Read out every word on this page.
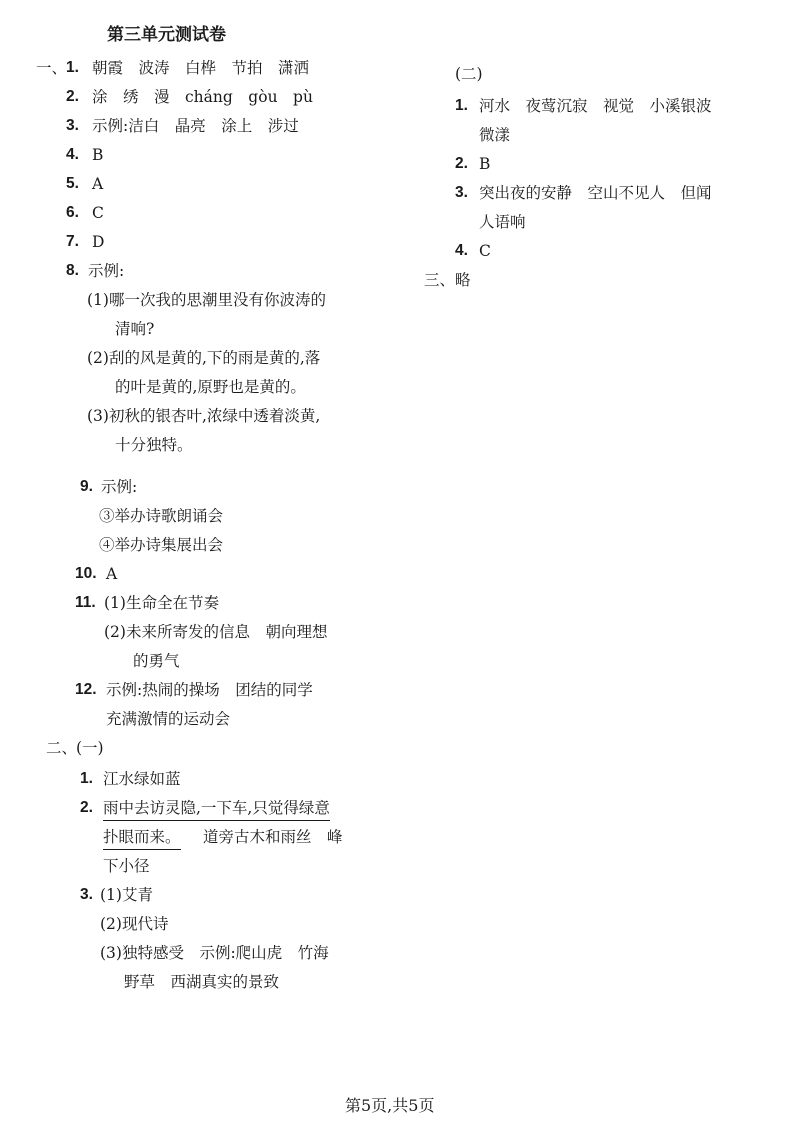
第三单元测试卷
一、
1. 朝霞　波涛　白桦　节拍　潇洒
2. 涂　绣　漫　cháng　gòu　pù
3. 示例:洁白　晶亮　涂上　涉过
4. B
5. A
6. C
7. D
8. 示例:
(1)哪一次我的思潮里没有你波涛的
清响?
(2)刮的风是黄的,下的雨是黄的,落
的叶是黄的,原野也是黄的。
(3)初秋的银杏叶,浓绿中透着淡黄,
十分独特。
9. 示例:
③举办诗歌朗诵会
④举办诗集展出会
10. A
11. (1)生命全在节奏
(2)未来所寄发的信息　朝向理想
的勇气
12. 示例:热闹的操场　团结的同学
充满激情的运动会
二、
(一)
1. 江水绿如蓝
2. 雨中去访灵隐,一下车,只觉得绿意
扑眼而来。 道旁古木和雨丝　峰
下小径
3. (1)艾青
(2)现代诗
(3)独特感受　示例:爬山虎　竹海
野草　西湖真实的景致
(二)
1. 河水　夜莺沉寂　视觉　小溪银波
微漾
2. B
3. 突出夜的安静　空山不见人　但闻
人语响
4. C
三、 略
第5页,共5页
